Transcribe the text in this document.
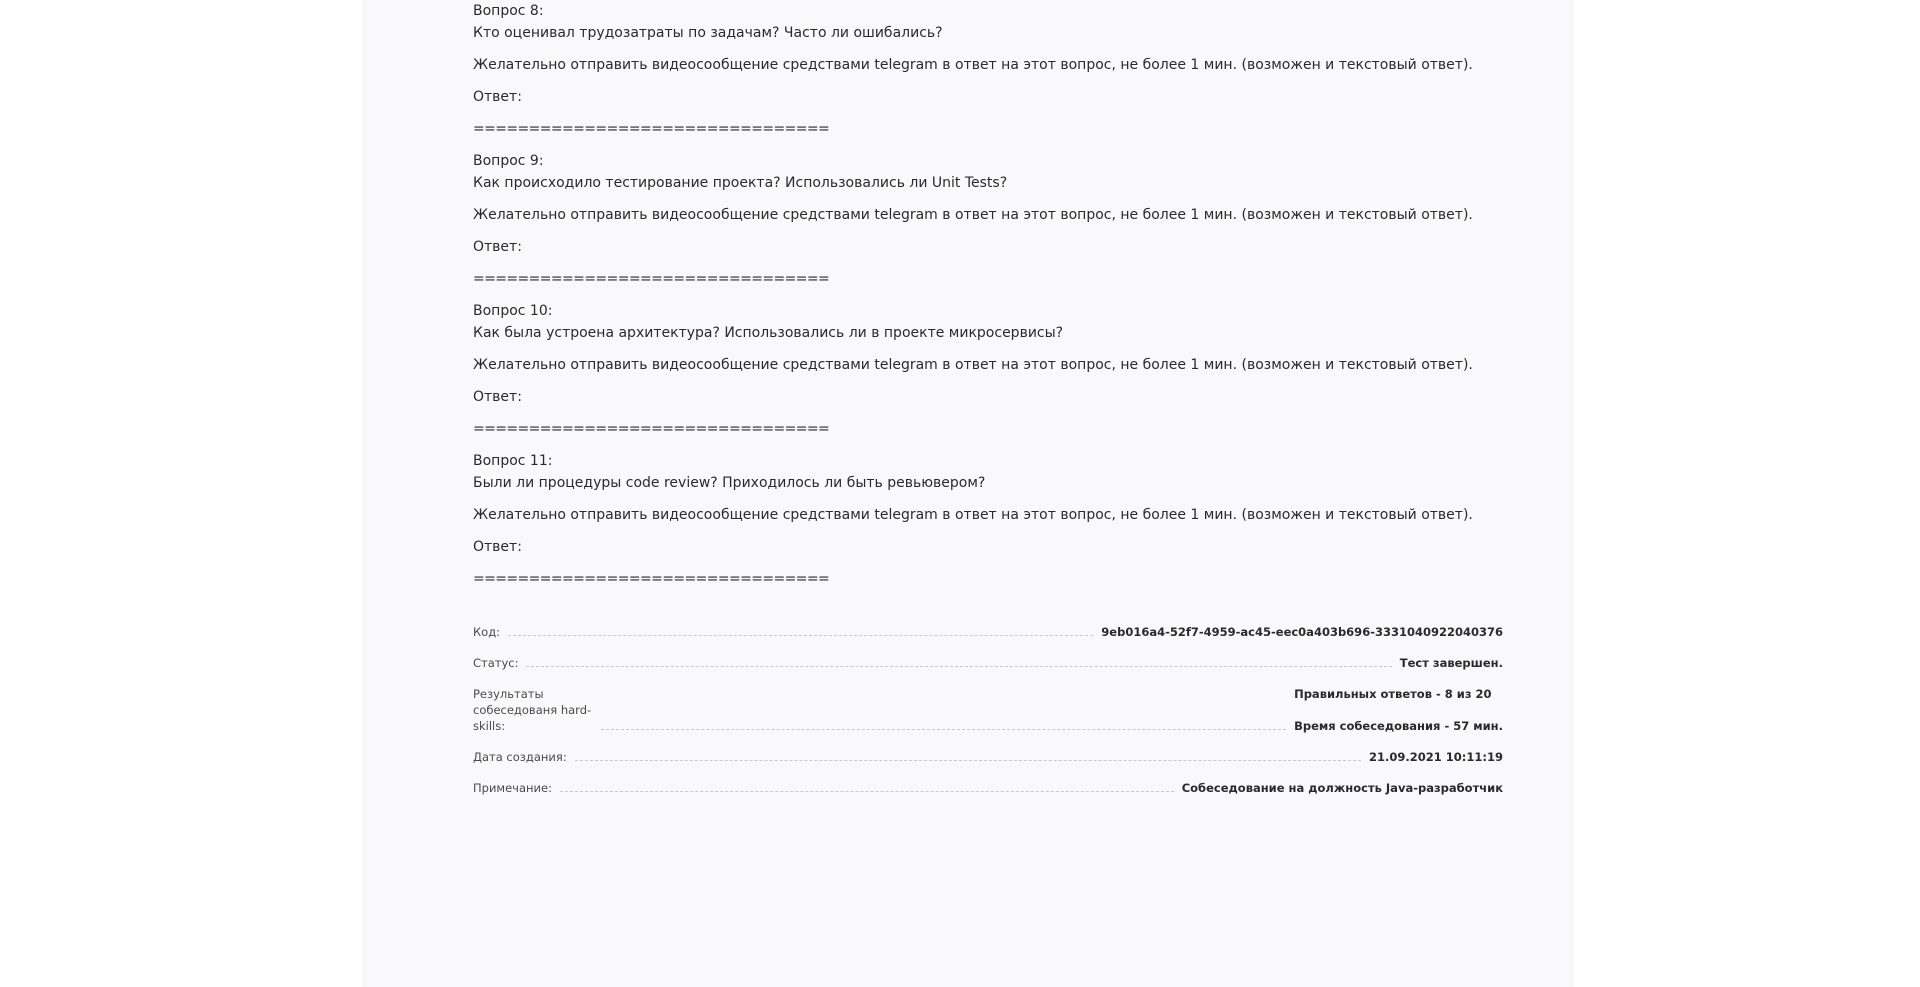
Вопрос 8:
Кто оценивал трудозатраты по задачам? Часто ли ошибались?
Желательно отправить видеосообщение средствами telegram в ответ на этот вопрос, не более 1 мин. (возможен и текстовый ответ).
Ответ:
================================
Вопрос 9:
Как происходило тестирование проекта? Использовались ли Unit Tests?
Желательно отправить видеосообщение средствами telegram в ответ на этот вопрос, не более 1 мин. (возможен и текстовый ответ).
Ответ:
================================
Вопрос 10:
Как была устроена архитектура? Использовались ли в проекте микросервисы?
Желательно отправить видеосообщение средствами telegram в ответ на этот вопрос, не более 1 мин. (возможен и текстовый ответ).
Ответ:
================================
Вопрос 11:
Были ли процедуры code review? Приходилось ли быть ревьювером?
Желательно отправить видеосообщение средствами telegram в ответ на этот вопрос, не более 1 мин. (возможен и текстовый ответ).
Ответ:
================================
Код:	9eb016a4-52f7-4959-ac45-eec0a403b696-3331040922040376
Статус:	Тест завершен.
Результаты собеседованя hard-skills:
Правильных ответов - 8 из 20
Время собеседования - 57 мин.
Дата создания:	21.09.2021 10:11:19
Примечание:	Собеседование на должность Java-разработчик
